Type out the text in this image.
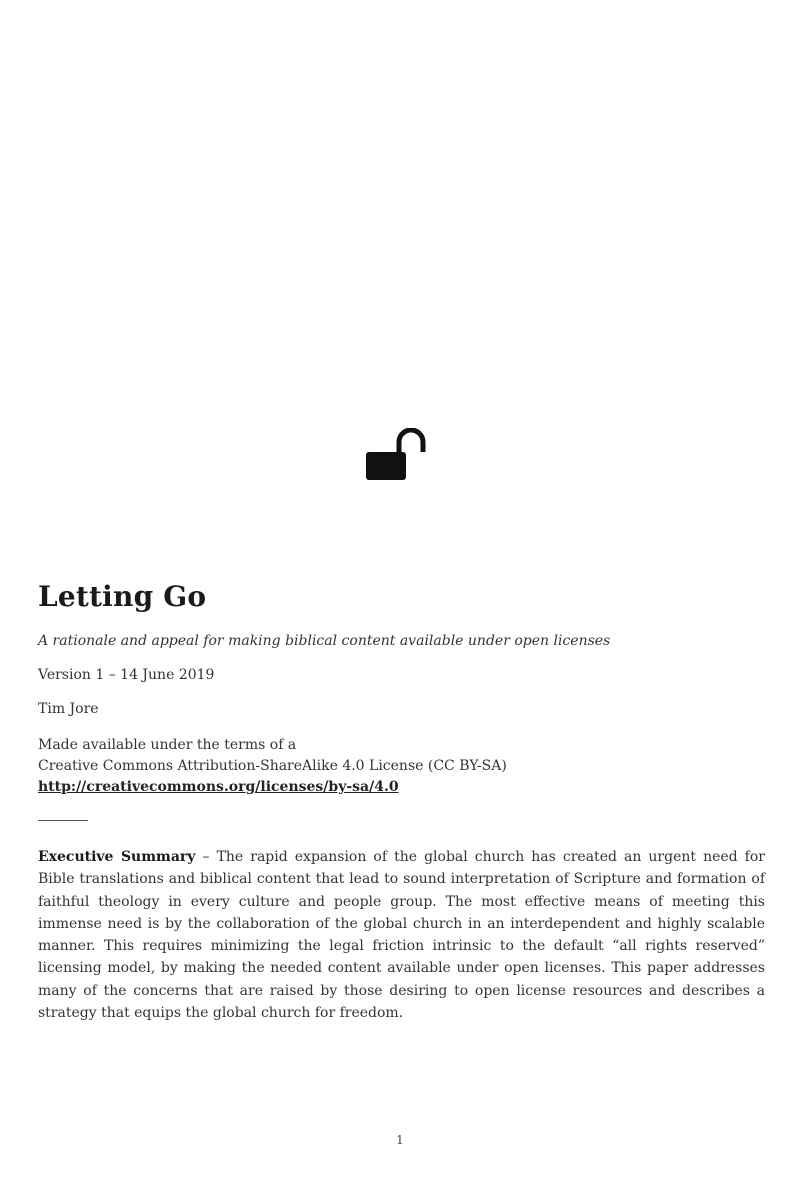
Letting Go

A rationale and appeal for making biblical content available under open licenses

Version 1 – 14 June 2019

Tim Jore

Made available under the terms of a
Creative Commons Attribution-ShareAlike 4.0 License (CC BY-SA)
http://creativecommons.org/licenses/by-sa/4.0

Executive Summary – The rapid expansion of the global church has created an urgent need for Bible translations and biblical content that lead to sound interpretation of Scripture and formation of faithful theology in every culture and people group. The most effective means of meeting this immense need is by the collaboration of the global church in an interdependent and highly scalable manner. This requires minimizing the legal friction intrinsic to the default “all rights reserved” licensing model, by making the needed content available under open licenses. This paper addresses many of the concerns that are raised by those desiring to open license resources and describes a strategy that equips the global church for freedom.

1
